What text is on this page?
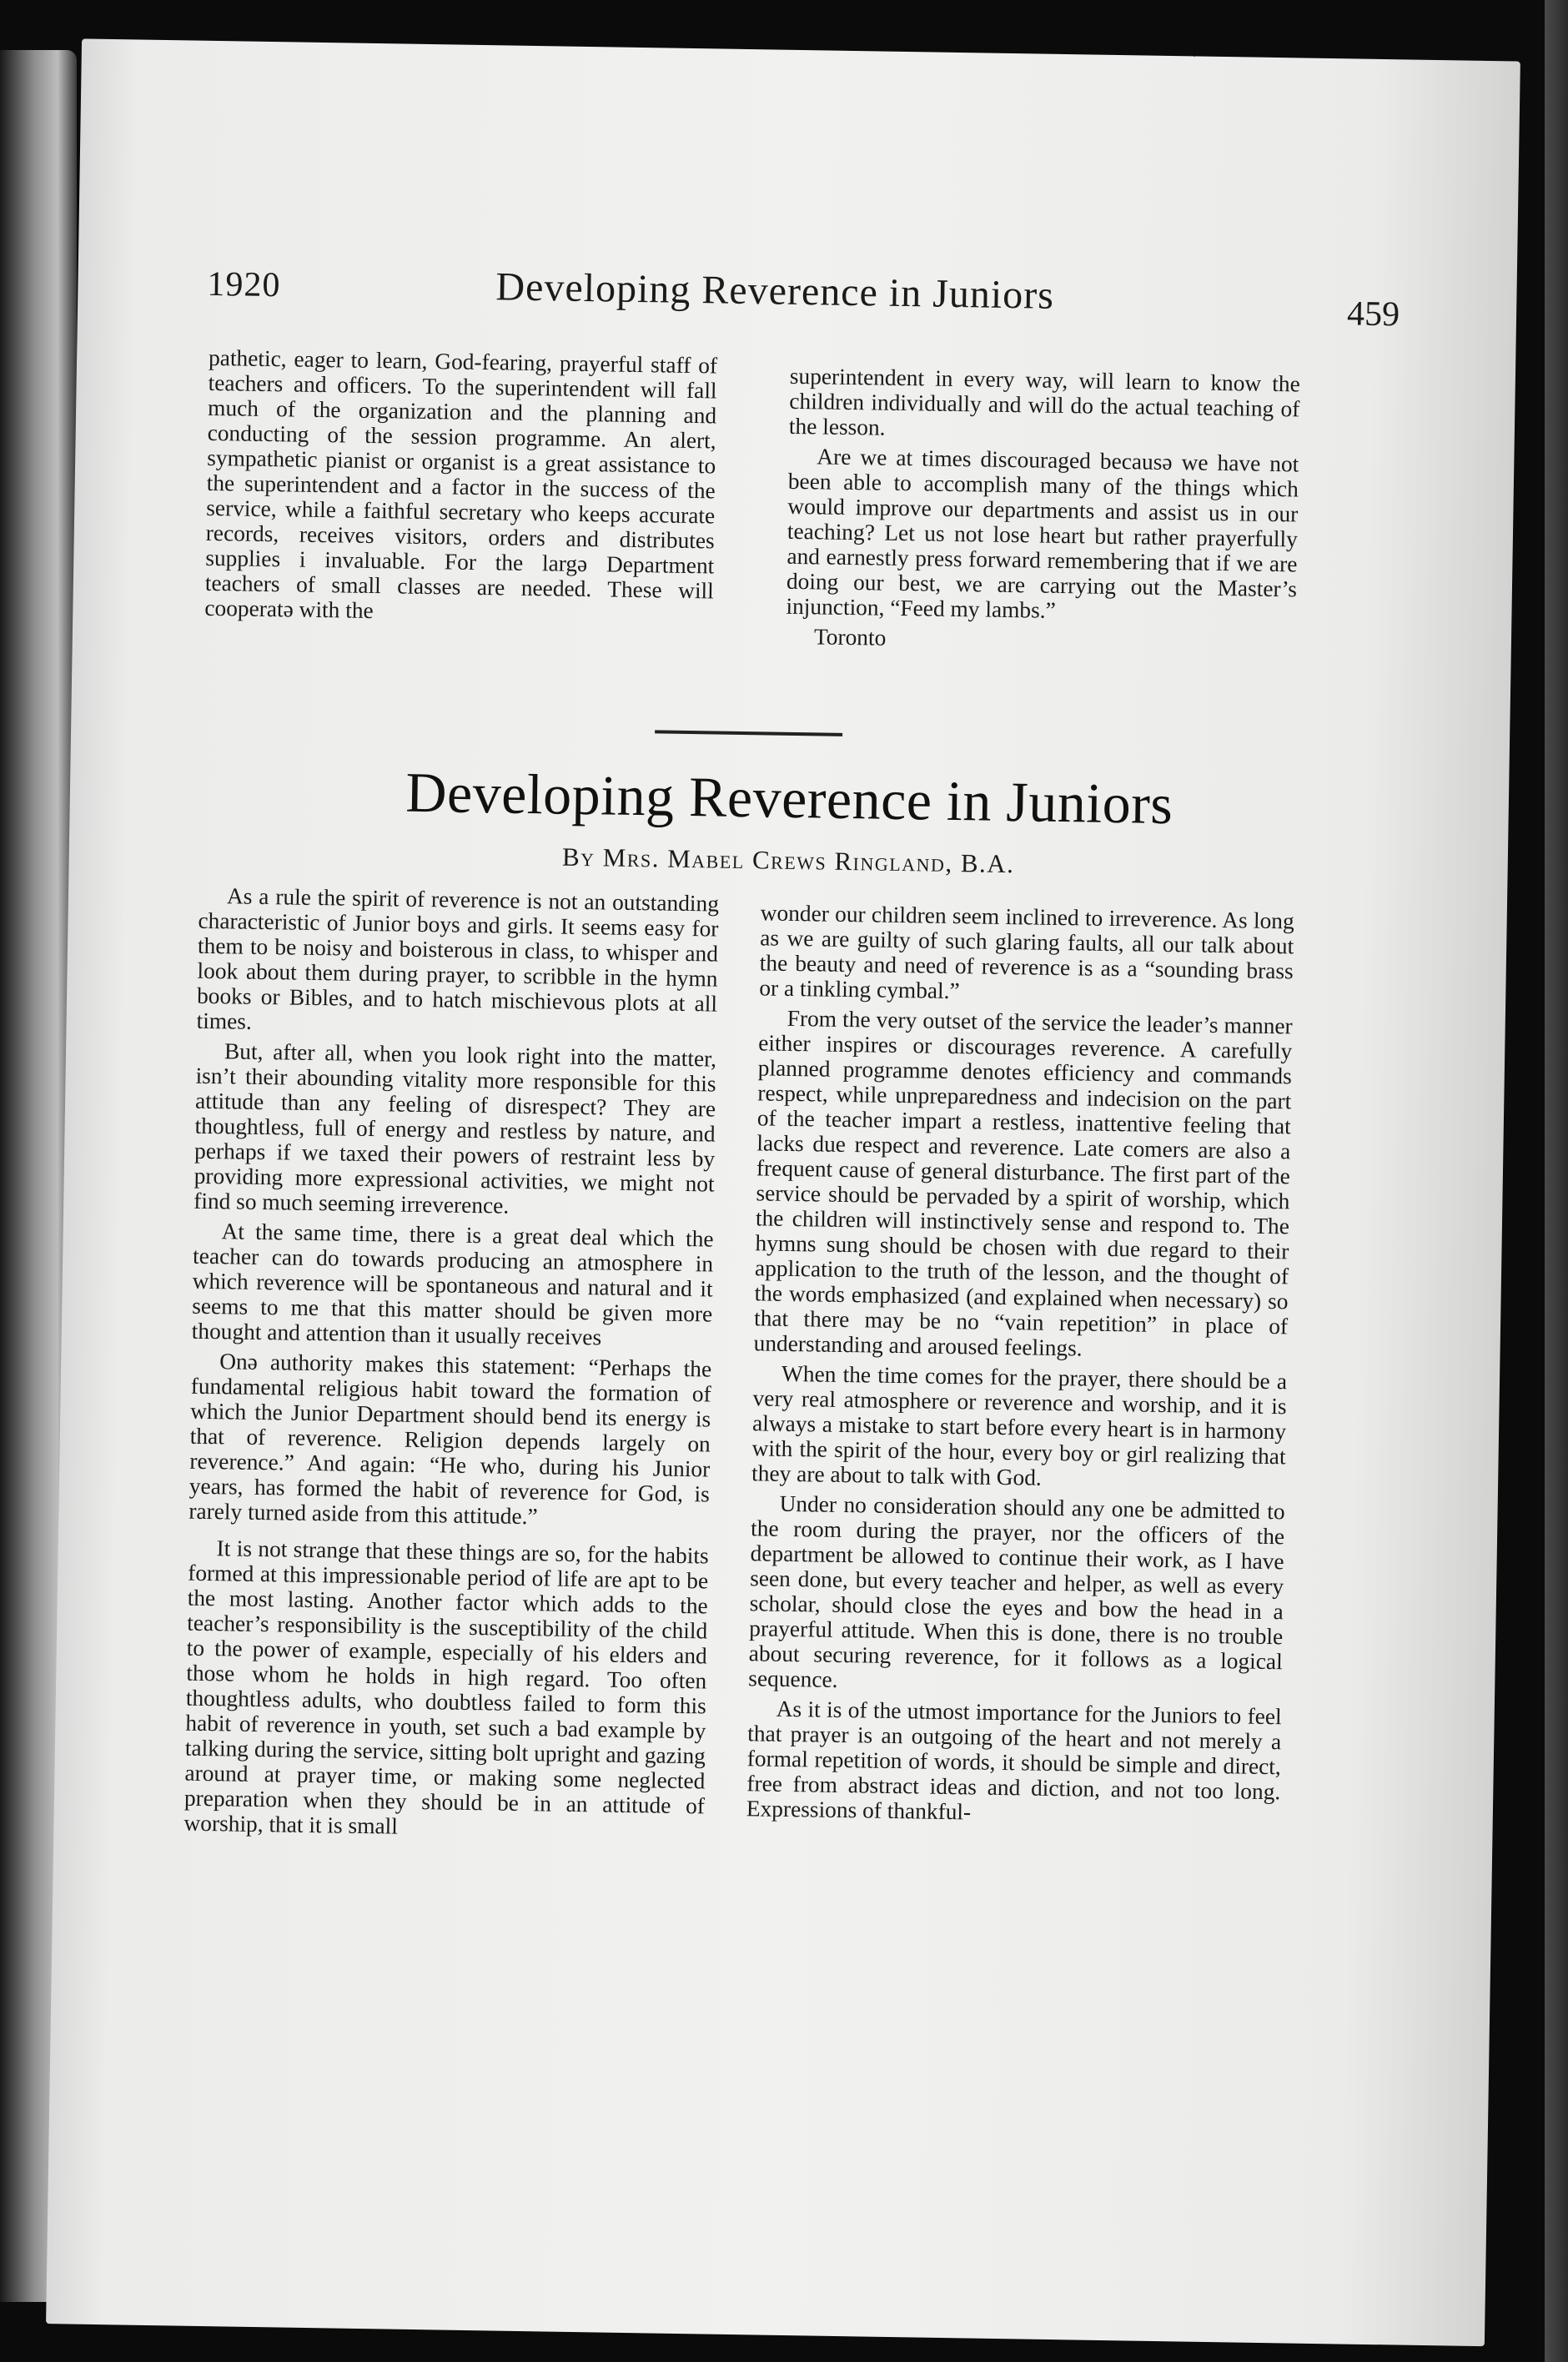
1920	Developing Reverence in Juniors	459

pathetic, eager to learn, God-fearing, prayerful staff of teachers and officers. To the superintendent will fall much of the organization and the planning and conducting of the session programme. An alert, sympathetic pianist or organist is a great assistance to the superintendent and a factor in the success of the service, while a faithful secretary who keeps accurate records, receives visitors, orders and distributes supplies i invaluable. For the largə Department teachers of small classes are needed. These will cooperatə with the

superintendent in every way, will learn to know the children individually and will do the actual teaching of the lesson.

Are we at times discouraged becausə we have not been able to accomplish many of the things which would improve our departments and assist us in our teaching? Let us not lose heart but rather prayerfully and earnestly press forward remembering that if we are doing our best, we are carrying out the Master’s injunction, “Feed my lambs.”

Toronto

Developing Reverence in Juniors
By Mrs. Mabel Crews Ringland, B.A.

As a rule the spirit of reverence is not an outstanding characteristic of Junior boys and girls. It seems easy for them to be noisy and boisterous in class, to whisper and look about them during prayer, to scribble in the hymn books or Bibles, and to hatch mischievous plots at all times.

But, after all, when you look right into the matter, isn’t their abounding vitality more responsible for this attitude than any feeling of disrespect? They are thoughtless, full of energy and restless by nature, and perhaps if we taxed their powers of restraint less by providing more expressional activities, we might not find so much seeming irreverence.

At the same time, there is a great deal which the teacher can do towards producing an atmosphere in which reverence will be spontaneous and natural and it seems to me that this matter should be given more thought and attention than it usually receives

Onə authority makes this statement: “Perhaps the fundamental religious habit toward the formation of which the Junior Department should bend its energy is that of reverence. Religion depends largely on reverence.” And again: “He who, during his Junior years, has formed the habit of reverence for God, is rarely turned aside from this attitude.”

It is not strange that these things are so, for the habits formed at this impressionable period of life are apt to be the most lasting. Another factor which adds to the teacher’s responsibility is the susceptibility of the child to the power of example, especially of his elders and those whom he holds in high regard. Too often thoughtless adults, who doubtless failed to form this habit of reverence in youth, set such a bad example by talking during the service, sitting bolt upright and gazing around at prayer time, or making some neglected preparation when they should be in an attitude of worship, that it is small

wonder our children seem inclined to irreverence. As long as we are guilty of such glaring faults, all our talk about the beauty and need of reverence is as a “sounding brass or a tinkling cymbal.”

From the very outset of the service the leader’s manner either inspires or discourages reverence. A carefully planned programme denotes efficiency and commands respect, while unpreparedness and indecision on the part of the teacher impart a restless, inattentive feeling that lacks due respect and reverence. Late comers are also a frequent cause of general disturbance. The first part of the service should be pervaded by a spirit of worship, which the children will instinctively sense and respond to. The hymns sung should be chosen with due regard to their application to the truth of the lesson, and the thought of the words emphasized (and explained when necessary) so that there may be no “vain repetition” in place of understanding and aroused feelings.

When the time comes for the prayer, there should be a very real atmosphere or reverence and worship, and it is always a mistake to start before every heart is in harmony with the spirit of the hour, every boy or girl realizing that they are about to talk with God.

Under no consideration should any one be admitted to the room during the prayer, nor the officers of the department be allowed to continue their work, as I have seen done, but every teacher and helper, as well as every scholar, should close the eyes and bow the head in a prayerful attitude. When this is done, there is no trouble about securing reverence, for it follows as a logical sequence.

As it is of the utmost importance for the Juniors to feel that prayer is an outgoing of the heart and not merely a formal repetition of words, it should be simple and direct, free from abstract ideas and diction, and not too long. Expressions of thankful-
